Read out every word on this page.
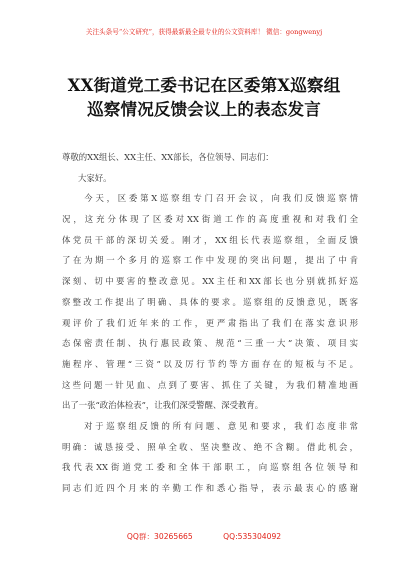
关注头条号“公文研究”，获得最新最全最专业的公文资料库！ 微信：gongwenyj
XX街道党工委书记在区委第X巡察组
巡察情况反馈会议上的表态发言
尊敬的XX组长、XX主任、XX部长，各位领导、同志们：
大家好。
　　今天，区委第X巡察组专门召开会议，向我们反馈巡察情
况，这充分体现了区委对XX街道工作的高度重视和对我们全
体党员干部的深切关爱。刚才，XX组长代表巡察组，全面反馈
了在为期一个多月的巡察工作中发现的突出问题，提出了中肯
深刻、切中要害的整改意见。XX主任和XX部长也分别就抓好巡
察整改工作提出了明确、具体的要求。巡察组的反馈意见，既客
观评价了我们近年来的工作，更严肃指出了我们在落实意识形
态保密责任制、执行惠民政策、规范“三重一大”决策、项目实
施程序、管理“三资”以及厉行节约等方面存在的短板与不足。
这些问题一针见血、点到了要害、抓住了关键，为我们精准地画
出了一张“政治体检表”，让我们深受警醒、深受教育。
　　对于巡察组反馈的所有问题、意见和要求，我们态度非常
明确：诚恳接受、照单全收、坚决整改、绝不含糊。借此机会，
我代表XX街道党工委和全体干部职工，向巡察组各位领导和
同志们近四个月来的辛勤工作和悉心指导，表示最衷心的感谢
QQ群：30265665	QQ:535304092
